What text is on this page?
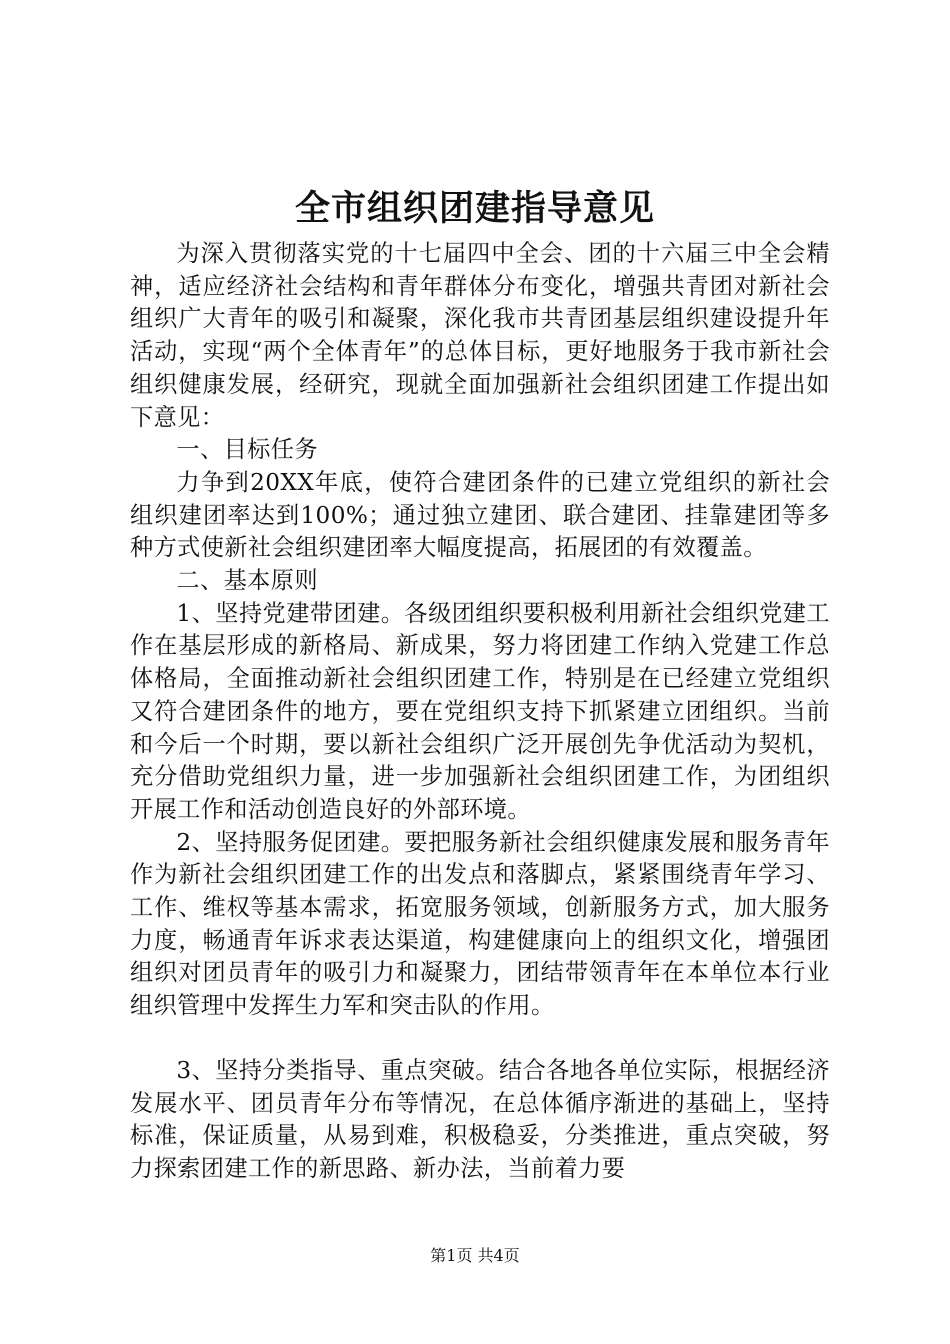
全市组织团建指导意见

为深入贯彻落实党的十七届四中全会、团的十六届三中全会精神，适应经济社会结构和青年群体分布变化，增强共青团对新社会组织广大青年的吸引和凝聚，深化我市共青团基层组织建设提升年活动，实现“两个全体青年”的总体目标，更好地服务于我市新社会组织健康发展，经研究，现就全面加强新社会组织团建工作提出如下意见：

一、目标任务

力争到20XX年底，使符合建团条件的已建立党组织的新社会组织建团率达到100%；通过独立建团、联合建团、挂靠建团等多种方式使新社会组织建团率大幅度提高，拓展团的有效覆盖。

二、基本原则

1、坚持党建带团建。各级团组织要积极利用新社会组织党建工作在基层形成的新格局、新成果，努力将团建工作纳入党建工作总体格局，全面推动新社会组织团建工作，特别是在已经建立党组织又符合建团条件的地方，要在党组织支持下抓紧建立团组织。当前和今后一个时期，要以新社会组织广泛开展创先争优活动为契机，充分借助党组织力量，进一步加强新社会组织团建工作，为团组织开展工作和活动创造良好的外部环境。

2、坚持服务促团建。要把服务新社会组织健康发展和服务青年作为新社会组织团建工作的出发点和落脚点，紧紧围绕青年学习、工作、维权等基本需求，拓宽服务领域，创新服务方式，加大服务力度，畅通青年诉求表达渠道，构建健康向上的组织文化，增强团组织对团员青年的吸引力和凝聚力，团结带领青年在本单位本行业组织管理中发挥生力军和突击队的作用。

3、坚持分类指导、重点突破。结合各地各单位实际，根据经济发展水平、团员青年分布等情况，在总体循序渐进的基础上，坚持标准，保证质量，从易到难，积极稳妥，分类推进，重点突破，努力探索团建工作的新思路、新办法，当前着力要

第1页 共4页
